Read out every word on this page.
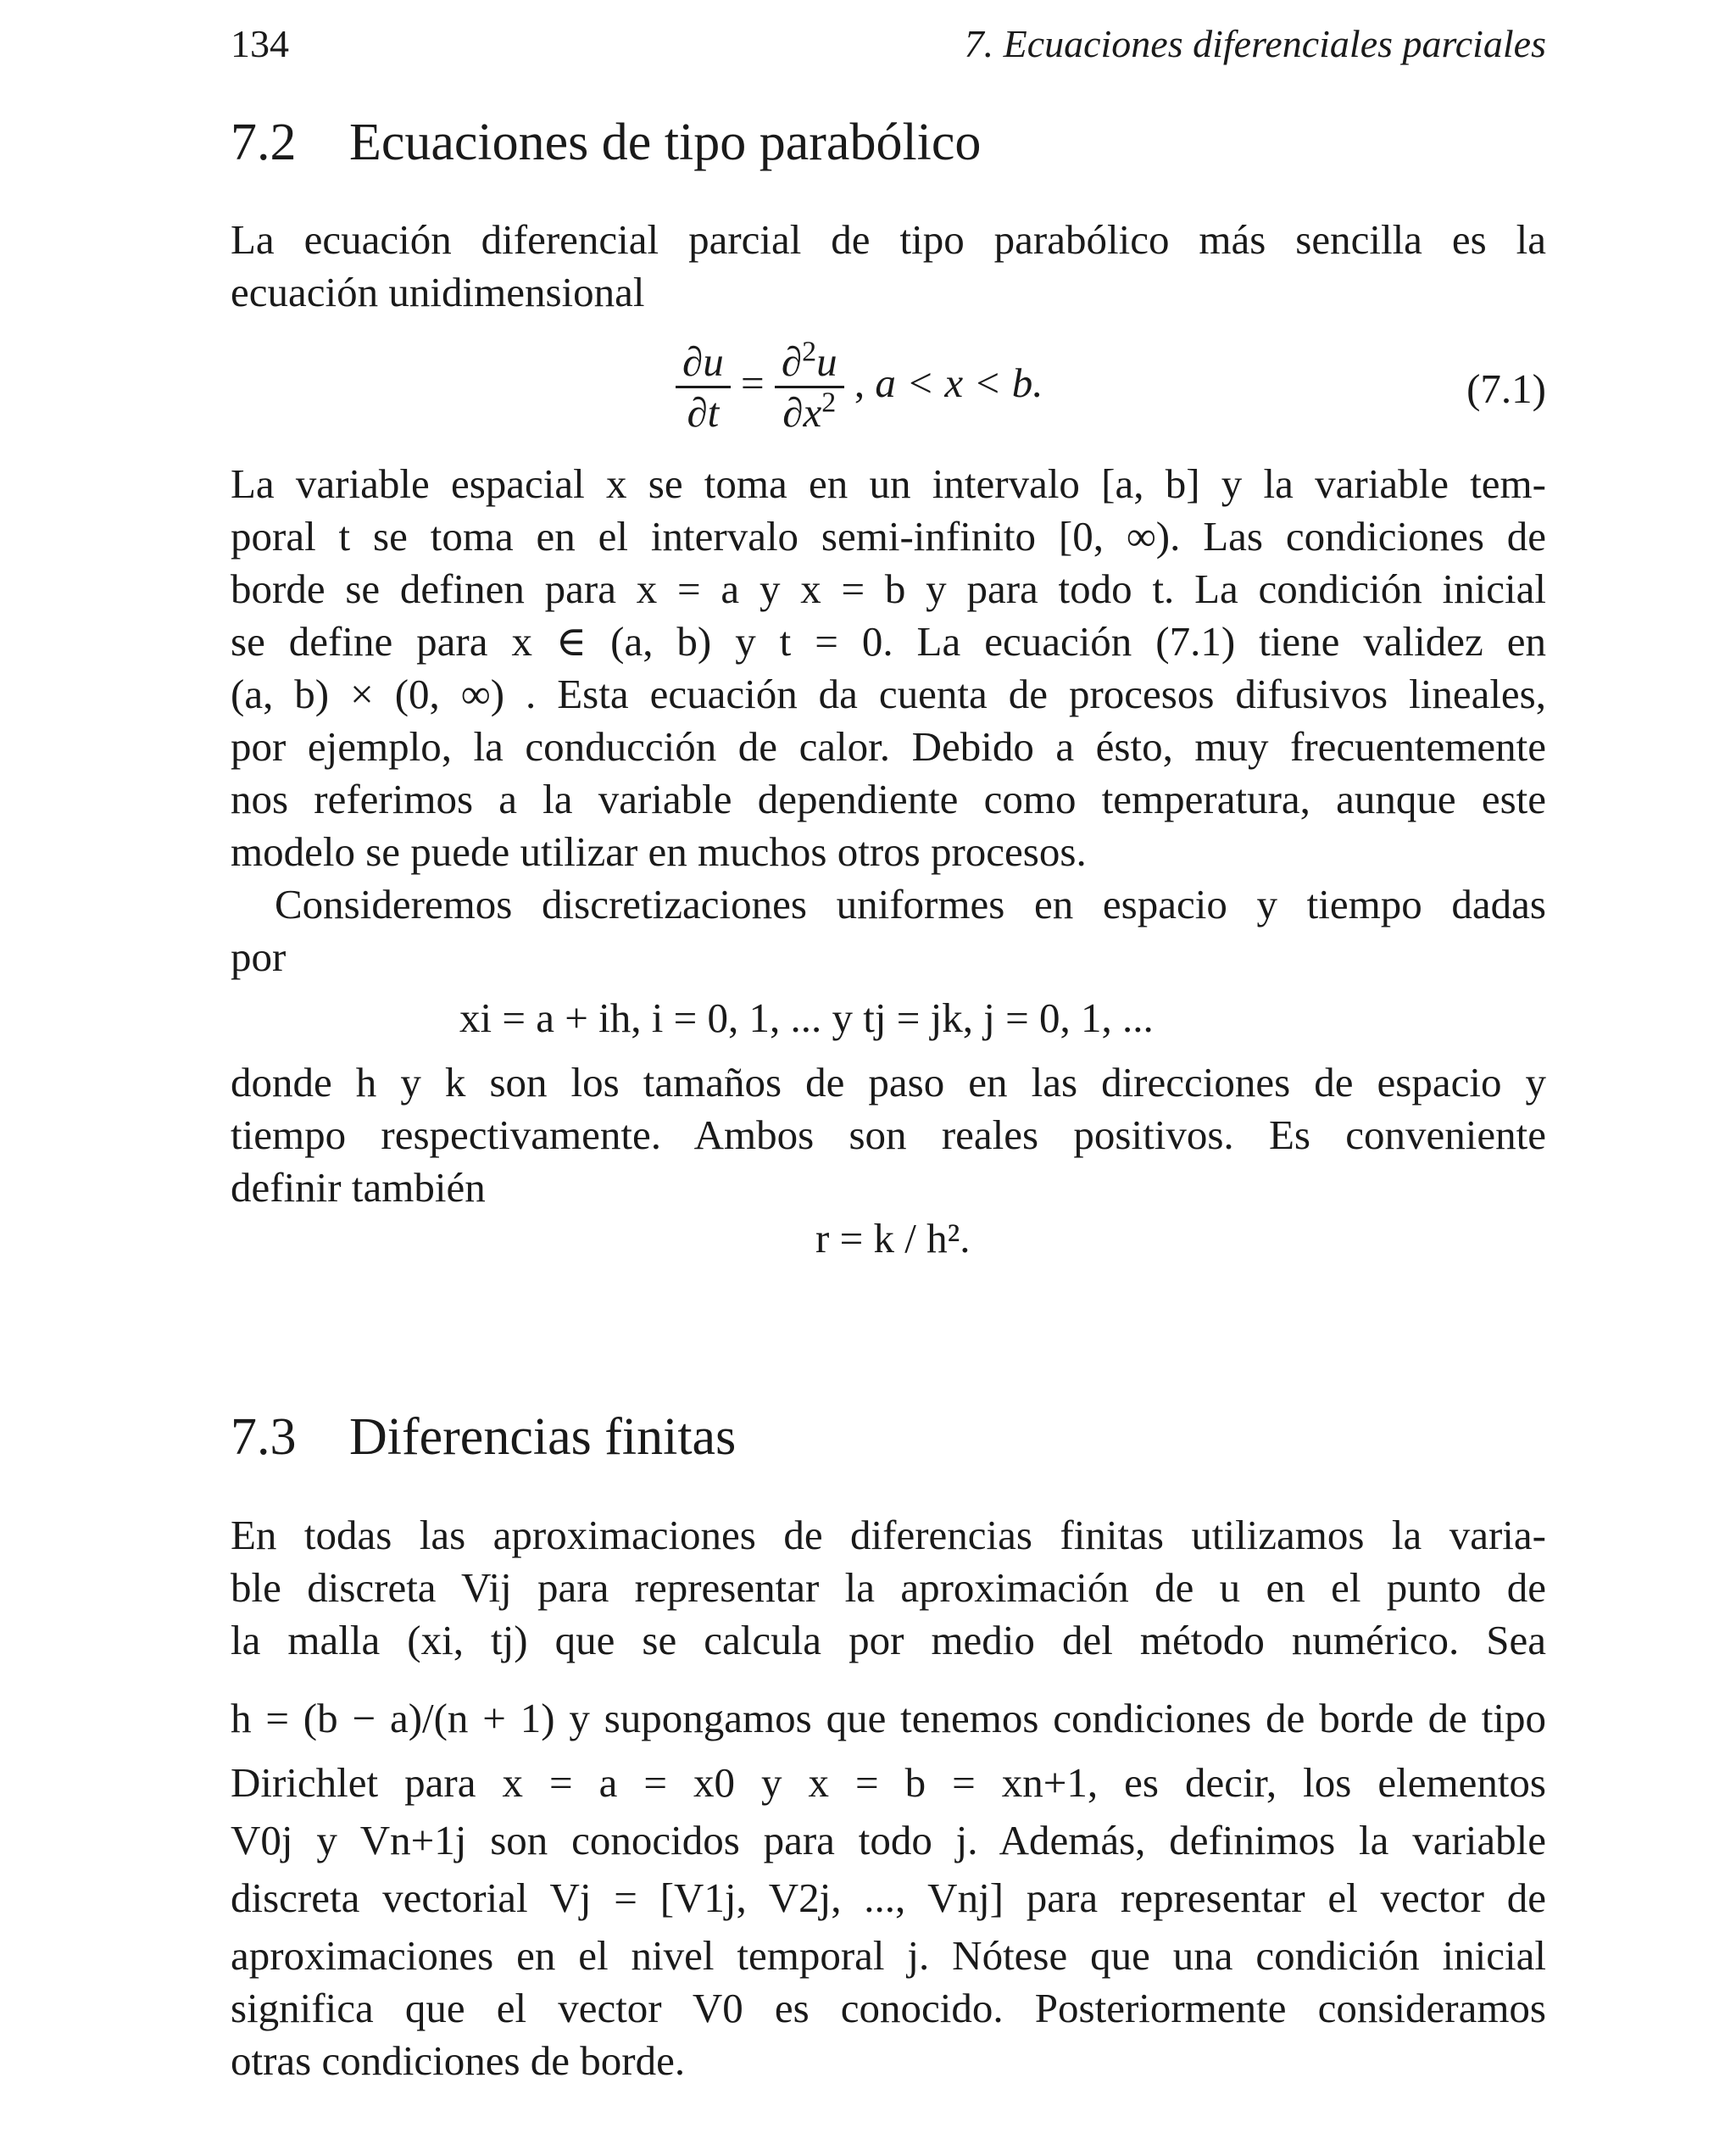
134	7. Ecuaciones diferenciales parciales
7.2 Ecuaciones de tipo parabólico
La ecuación diferencial parcial de tipo parabólico más sencilla es la
ecuación unidimensional
$\frac{\partial u}{\partial t} = \frac{\partial^2u}{\partial x^2}$ , a < x < b.	(7.1)
La variable espacial x se toma en un intervalo [a, b] y la variable tem-
poral t se toma en el intervalo semi-infinito [0, ∞). Las condiciones de
borde se definen para x = a y x = b y para todo t. La condición inicial
se define para x ∈ (a, b) y t = 0. La ecuación (7.1) tiene validez en
(a, b) × (0, ∞) . Esta ecuación da cuenta de procesos difusivos lineales,
por ejemplo, la conducción de calor. Debido a ésto, muy frecuentemente
nos referimos a la variable dependiente como temperatura, aunque este
modelo se puede utilizar en muchos otros procesos.
Consideremos discretizaciones uniformes en espacio y tiempo dadas
por
xi = a + ih, i = 0, 1, ... y tj = jk, j = 0, 1, ...
donde h y k son los tamaños de paso en las direcciones de espacio y
tiempo respectivamente. Ambos son reales positivos. Es conveniente
definir también
r = k / h².
7.3 Diferencias finitas
En todas las aproximaciones de diferencias finitas utilizamos la varia-
ble discreta Vij para representar la aproximación de u en el punto de
la malla (xi, tj) que se calcula por medio del método numérico. Sea
h = (b − a)/(n + 1) y supongamos que tenemos condiciones de borde de tipo
Dirichlet para x = a = x0 y x = b = xn+1, es decir, los elementos
V0j y Vn+1j son conocidos para todo j. Además, definimos la variable
discreta vectorial Vj = [V1j, V2j, ..., Vnj] para representar el vector de
aproximaciones en el nivel temporal j. Nótese que una condición inicial
significa que el vector V0 es conocido. Posteriormente consideramos
otras condiciones de borde.
